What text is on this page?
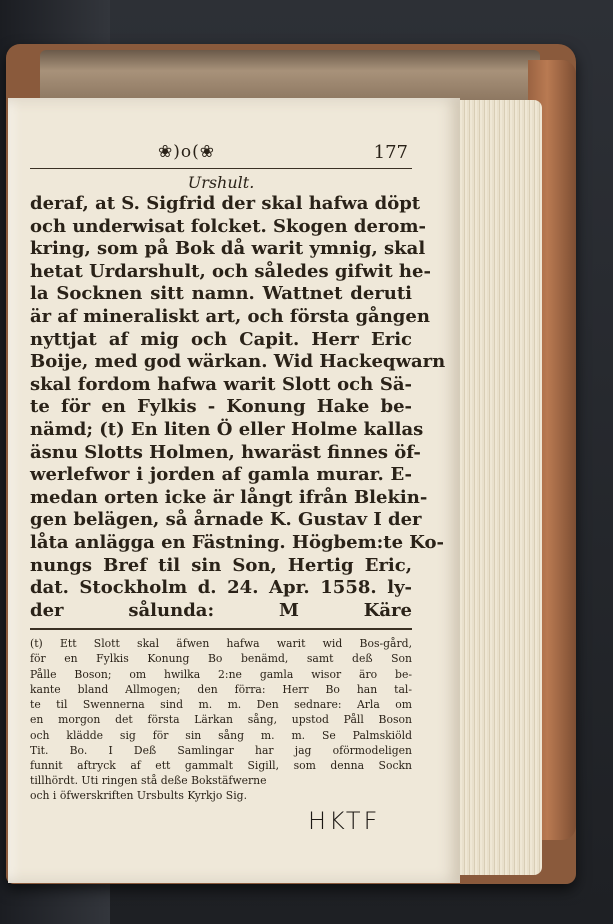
❀)o(❀	177
Urshult.
deraf, at S. Sigfrid der skal hafwa döpt
och underwisat folcket. Skogen derom-
kring, som på Bok då warit ymnig, skal
hetat Urdarshult, och således gifwit he-
la Socknen sitt namn. Wattnet deruti
är af mineraliskt art, och första gången
nyttjat af mig och Capit. Herr Eric
Boije, med god wärkan. Wid Hackeqwarn
skal fordom hafwa warit Slott och Sä-
te för en Fylkis - Konung Hake be-
nämd; (t) En liten Ö eller Holme kallas
äsnu Slotts Holmen, hwaräst finnes öf-
werlefwor i jorden af gamla murar. E-
medan orten icke är långt ifrån Blekin-
gen belägen, så årnade K. Gustav I der
låta anlägga en Fästning. Högbem:te Ko-
nungs Bref til sin Son, Hertig Eric,
dat. Stockholm d. 24. Apr. 1558. ly-
der sålunda: M Käre
(t) Ett Slott skal äfwen hafwa warit wid Bos-gård,
för en Fylkis Konung Bo benämd, samt deß Son
Pålle Boson; om hwilka 2:ne gamla wisor äro be-
kante bland Allmogen; den förra: Herr Bo han tal-
te til Swennerna sind m. m. Den sednare: Arla om
en morgon det första Lärkan sång, upstod Påll Boson
och klädde sig för sin sång m. m. Se Palmskiöld
Tit. Bo. I Deß Samlingar har jag oförmodeligen
funnit aftryck af ett gammalt Sigill, som denna Sockn
tillhördt. Uti ringen stå deße Bokstäfwerne
och i öfwerskriften Ursbults Kyrkjo Sig.
HKTF
